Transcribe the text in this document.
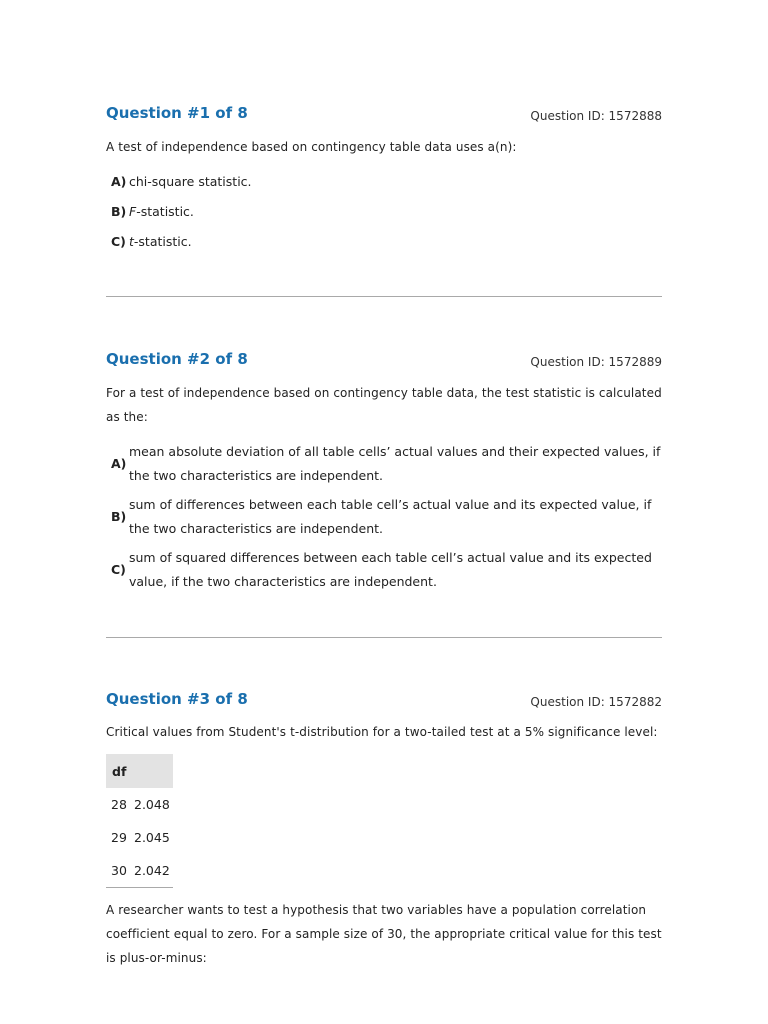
Question #1 of 8	Question ID: 1572888

A test of independence based on contingency table data uses a(n):

A) chi-square statistic.
B) F-statistic.
C) t-statistic.
Question #2 of 8	Question ID: 1572889

For a test of independence based on contingency table data, the test statistic is calculated as the:

A)
mean absolute deviation of all table cells’ actual values and their expected values, if the two characteristics are independent.
B)
sum of differences between each table cell’s actual value and its expected value, if the two characteristics are independent.
C)
sum of squared differences between each table cell’s actual value and its expected value, if the two characteristics are independent.
Question #3 of 8	Question ID: 1572882

Critical values from Student's t-distribution for a two-tailed test at a 5% significance level:

df	
28	2.048
29	2.045
30	2.042

A researcher wants to test a hypothesis that two variables have a population correlation coefficient equal to zero. For a sample size of 30, the appropriate critical value for this test is plus-or-minus:
